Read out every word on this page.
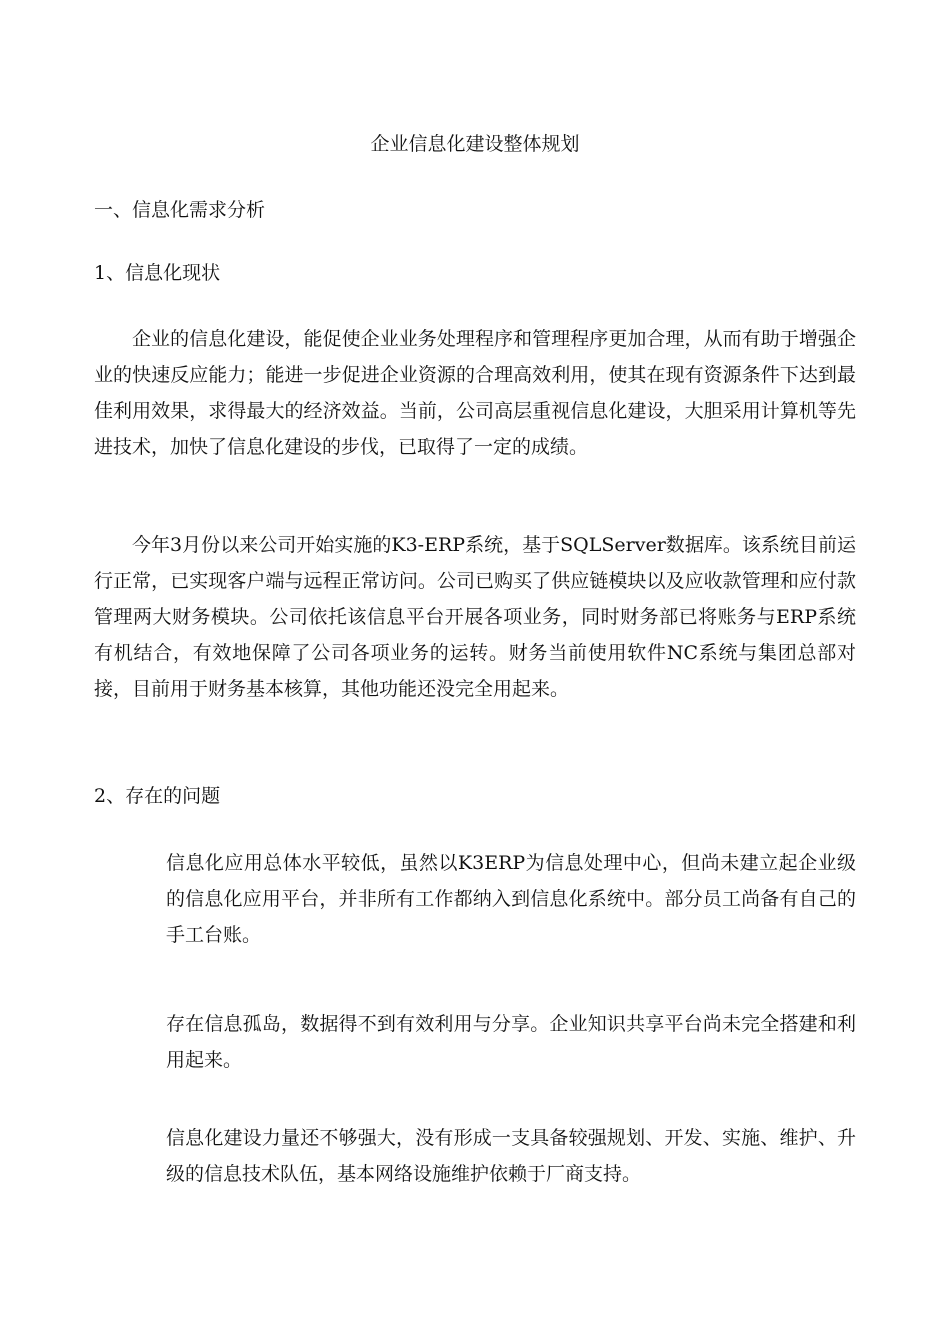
企业信息化建设整体规划
一、信息化需求分析
1、信息化现状

企业的信息化建设，能促使企业业务处理程序和管理程序更加合理，从而有助于增强企业的快速反应能力；能进一步促进企业资源的合理高效利用，使其在现有资源条件下达到最佳利用效果，求得最大的经济效益。当前，公司高层重视信息化建设，大胆采用计算机等先进技术，加快了信息化建设的步伐，已取得了一定的成绩。

今年3月份以来公司开始实施的K3-ERP系统，基于SQLServer数据库。该系统目前运行正常，已实现客户端与远程正常访问。公司已购买了供应链模块以及应收款管理和应付款管理两大财务模块。公司依托该信息平台开展各项业务，同时财务部已将账务与ERP系统有机结合，有效地保障了公司各项业务的运转。财务当前使用软件NC系统与集团总部对接，目前用于财务基本核算，其他功能还没完全用起来。

2、存在的问题

信息化应用总体水平较低，虽然以K3ERP为信息处理中心，但尚未建立起企业级的信息化应用平台，并非所有工作都纳入到信息化系统中。部分员工尚备有自己的手工台账。

存在信息孤岛，数据得不到有效利用与分享。企业知识共享平台尚未完全搭建和利用起来。

信息化建设力量还不够强大，没有形成一支具备较强规划、开发、实施、维护、升级的信息技术队伍，基本网络设施维护依赖于厂商支持。
